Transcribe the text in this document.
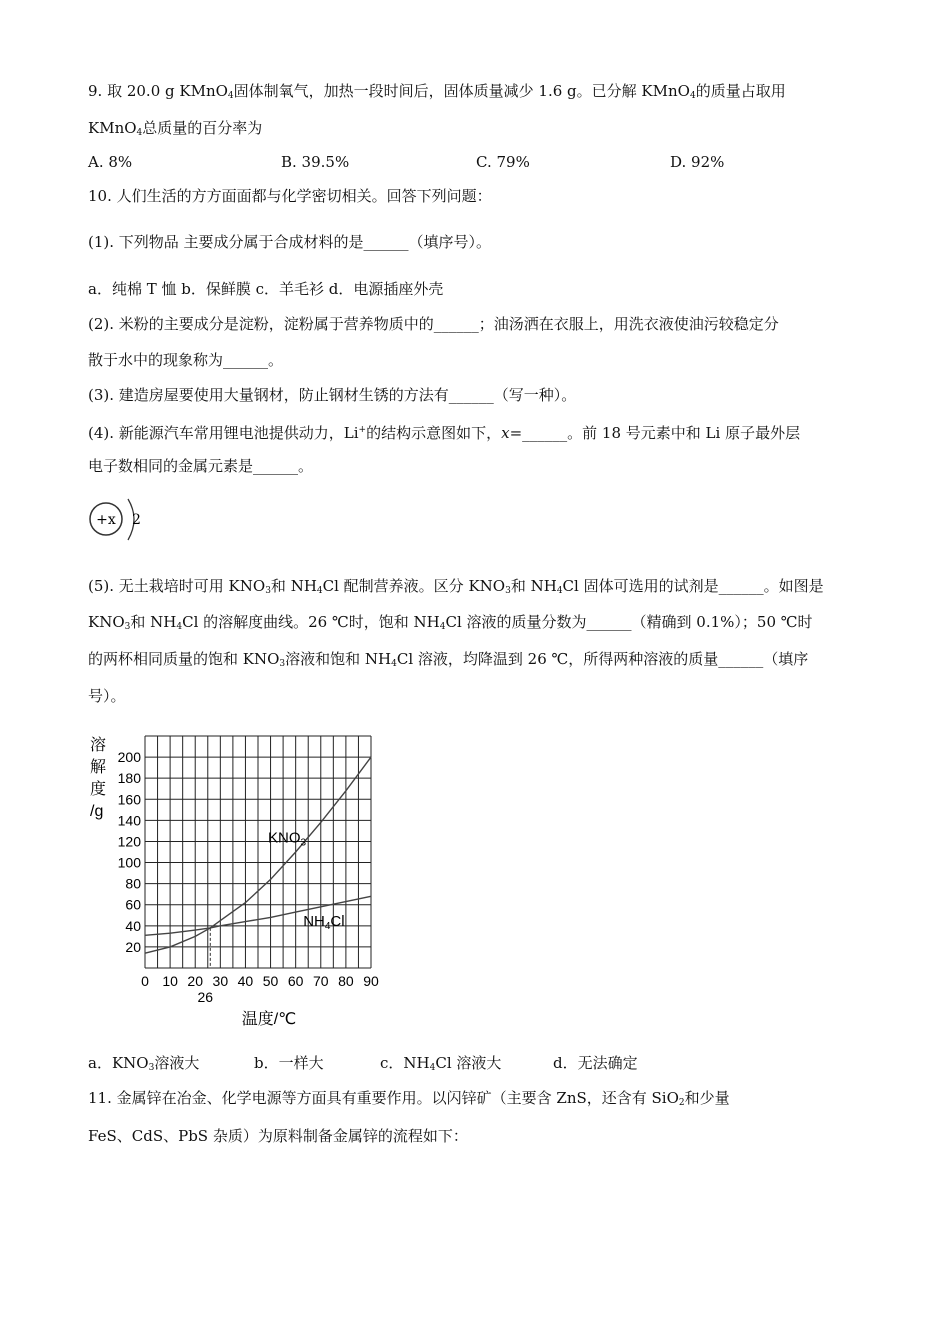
9. 取 20.0 g KMnO$_4$固体制氧气，加热一段时间后，固体质量减少 1.6 g。已分解 KMnO$_4$的质量占取用
KMnO$_4$总质量的百分率为
A. 8%	B. 39.5%	C. 79%	D. 92%
10. 人们生活的方方面面都与化学密切相关。回答下列问题：
(1). 下列物品 主要成分属于合成材料的是______（填序号）。
a．纯棉 T 恤 b．保鲜膜 c．羊毛衫 d．电源插座外壳
(2). 米粉的主要成分是淀粉，淀粉属于营养物质中的______；油汤洒在衣服上，用洗衣液使油污较稳定分
散于水中的现象称为______。
(3). 建造房屋要使用大量钢材，防止钢材生锈的方法有______（写一种）。
(4). 新能源汽车常用锂电池提供动力，Li+的结构示意图如下，x=______。前 18 号元素中和 Li 原子最外层
电子数相同的金属元素是______。
+x 2
(5). 无土栽培时可用 $KNO_3$和 $NH_4Cl$ 配制营养液。区分 $KNO_3$和 $NH_4Cl$ 固体可选用的试剂是______。如图是
$KNO_3$和 $NH_4Cl$ 的溶解度曲线。26 ℃时，饱和 $NH_4Cl$ 溶液的质量分数为______（精确到 0.1%）；50 ℃时
的两杯相同质量的饱和 $KNO_3$溶液和饱和 $NH_4Cl$ 溶液，均降温到 26 ℃，所得两种溶液的质量______（填序
号）。
溶
解
度
/g
20
40
60
80
100
120
140
160
180
200
0 10 20 30 40 50 60 70 80 90
$KNO_3$
$NH_4Cl$
26
温度/℃
a．$KNO_3$溶液大	b．一样大	c．$NH_4Cl$ 溶液大	d．无法确定
11. 金属锌在冶金、化学电源等方面具有重要作用。以闪锌矿（主要含 ZnS，还含有 SiO$_2$和少量
FeS、CdS、PbS 杂质）为原料制备金属锌的流程如下：
